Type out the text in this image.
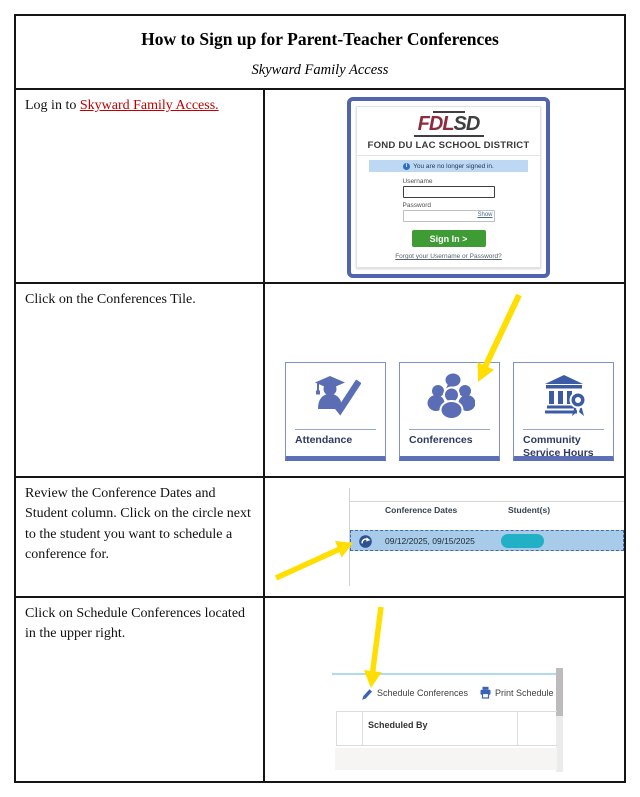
How to Sign up for Parent-Teacher Conferences
Skyward Family Access
Log in to Skyward Family Access.
FDLSD
FOND DU LAC SCHOOL DISTRICT
i
You are no longer signed in.
Username
Password
Show
Sign In >
Forgot your Username or Password?
Click on the Conferences Tile.
Attendance	Conferences	Community Service Hours
Review the Conference Dates and Student column. Click on the circle next to the student you want to schedule a conference for.
Conference Dates	Student(s)
09/12/2025, 09/15/2025
Click on Schedule Conferences located in the upper right.
Schedule Conferences	Print Schedule
Scheduled By
